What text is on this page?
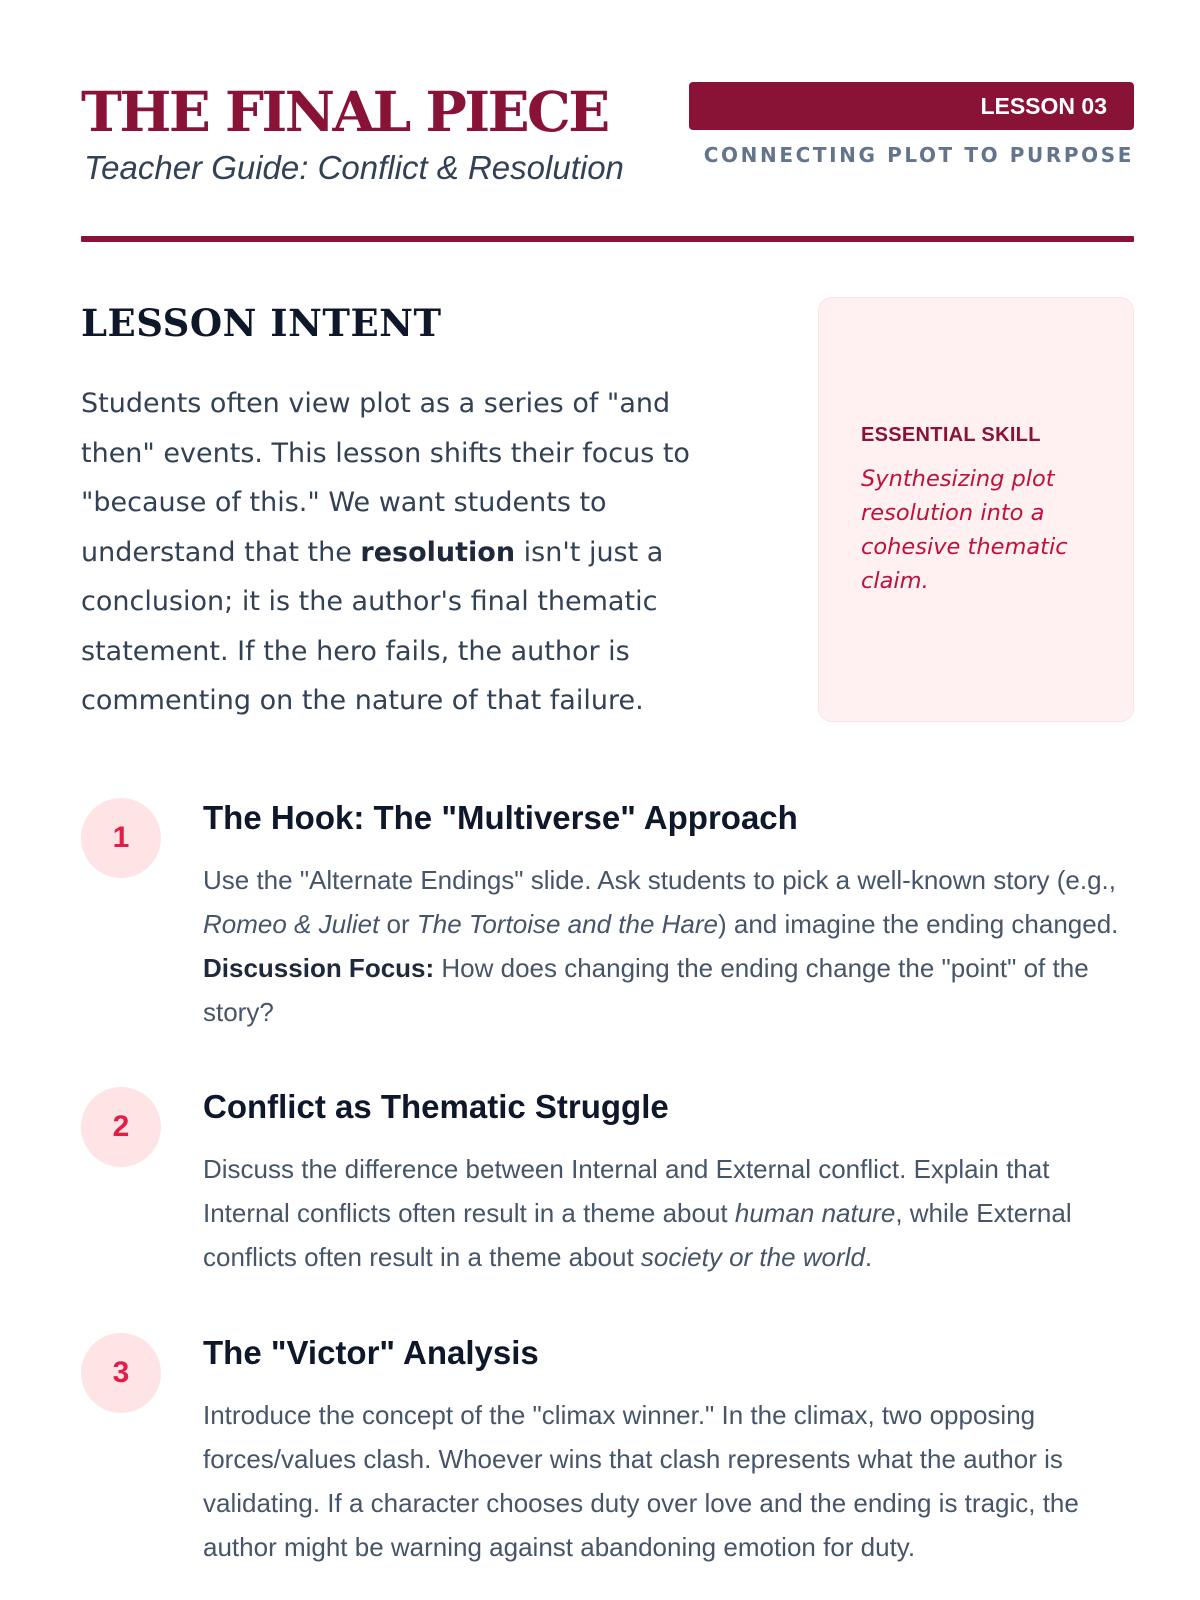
THE FINAL PIECE
Teacher Guide: Conflict & Resolution
LESSON 03
CONNECTING PLOT TO PURPOSE
LESSON INTENT

Students often view plot as a series of "and then" events. This lesson shifts their focus to "because of this." We want students to understand that the resolution isn't just a conclusion; it is the author's final thematic statement. If the hero fails, the author is commenting on the nature of that failure.

ESSENTIAL SKILL

Synthesizing plot resolution into a cohesive thematic claim.

1
The Hook: The "Multiverse" Approach

Use the "Alternate Endings" slide. Ask students to pick a well-known story (e.g., Romeo & Juliet or The Tortoise and the Hare) and imagine the ending changed. Discussion Focus: How does changing the ending change the "point" of the story?

2
Conflict as Thematic Struggle

Discuss the difference between Internal and External conflict. Explain that Internal conflicts often result in a theme about human nature, while External conflicts often result in a theme about society or the world.

3
The "Victor" Analysis

Introduce the concept of the "climax winner." In the climax, two opposing forces/values clash. Whoever wins that clash represents what the author is validating. If a character chooses duty over love and the ending is tragic, the author might be warning against abandoning emotion for duty.
